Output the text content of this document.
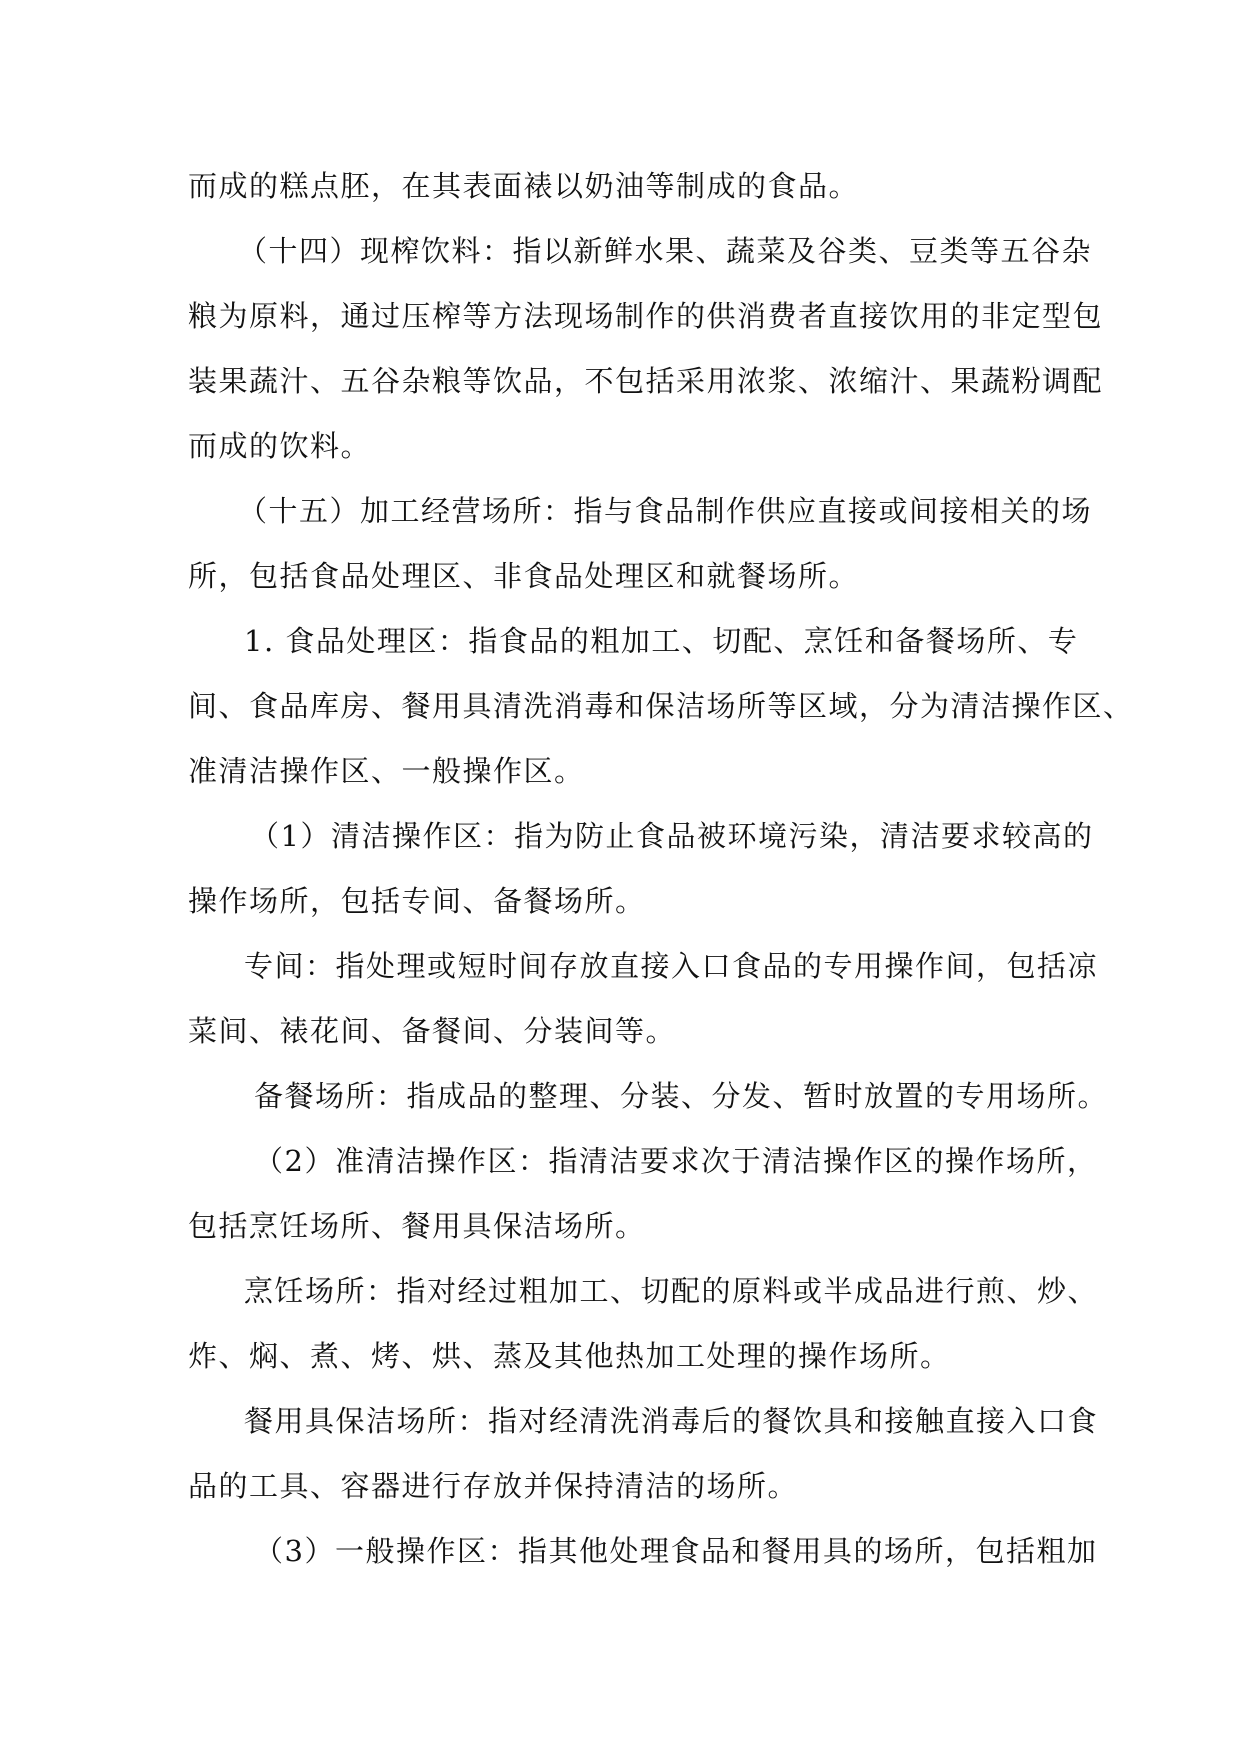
而成的糕点胚，在其表面裱以奶油等制成的食品。
（十四）现榨饮料：指以新鲜水果、蔬菜及谷类、豆类等五谷杂
粮为原料，通过压榨等方法现场制作的供消费者直接饮用的非定型包
装果蔬汁、五谷杂粮等饮品，不包括采用浓浆、浓缩汁、果蔬粉调配
而成的饮料。
（十五）加工经营场所：指与食品制作供应直接或间接相关的场
所，包括食品处理区、非食品处理区和就餐场所。
1. 食品处理区：指食品的粗加工、切配、烹饪和备餐场所、专
间、食品库房、餐用具清洗消毒和保洁场所等区域，分为清洁操作区、
准清洁操作区、一般操作区。
（1）清洁操作区：指为防止食品被环境污染，清洁要求较高的
操作场所，包括专间、备餐场所。
专间：指处理或短时间存放直接入口食品的专用操作间，包括凉
菜间、裱花间、备餐间、分装间等。
备餐场所：指成品的整理、分装、分发、暂时放置的专用场所。
（2）准清洁操作区：指清洁要求次于清洁操作区的操作场所，
包括烹饪场所、餐用具保洁场所。
烹饪场所：指对经过粗加工、切配的原料或半成品进行煎、炒、
炸、焖、煮、烤、烘、蒸及其他热加工处理的操作场所。
餐用具保洁场所：指对经清洗消毒后的餐饮具和接触直接入口食
品的工具、容器进行存放并保持清洁的场所。
（3）一般操作区：指其他处理食品和餐用具的场所，包括粗加
